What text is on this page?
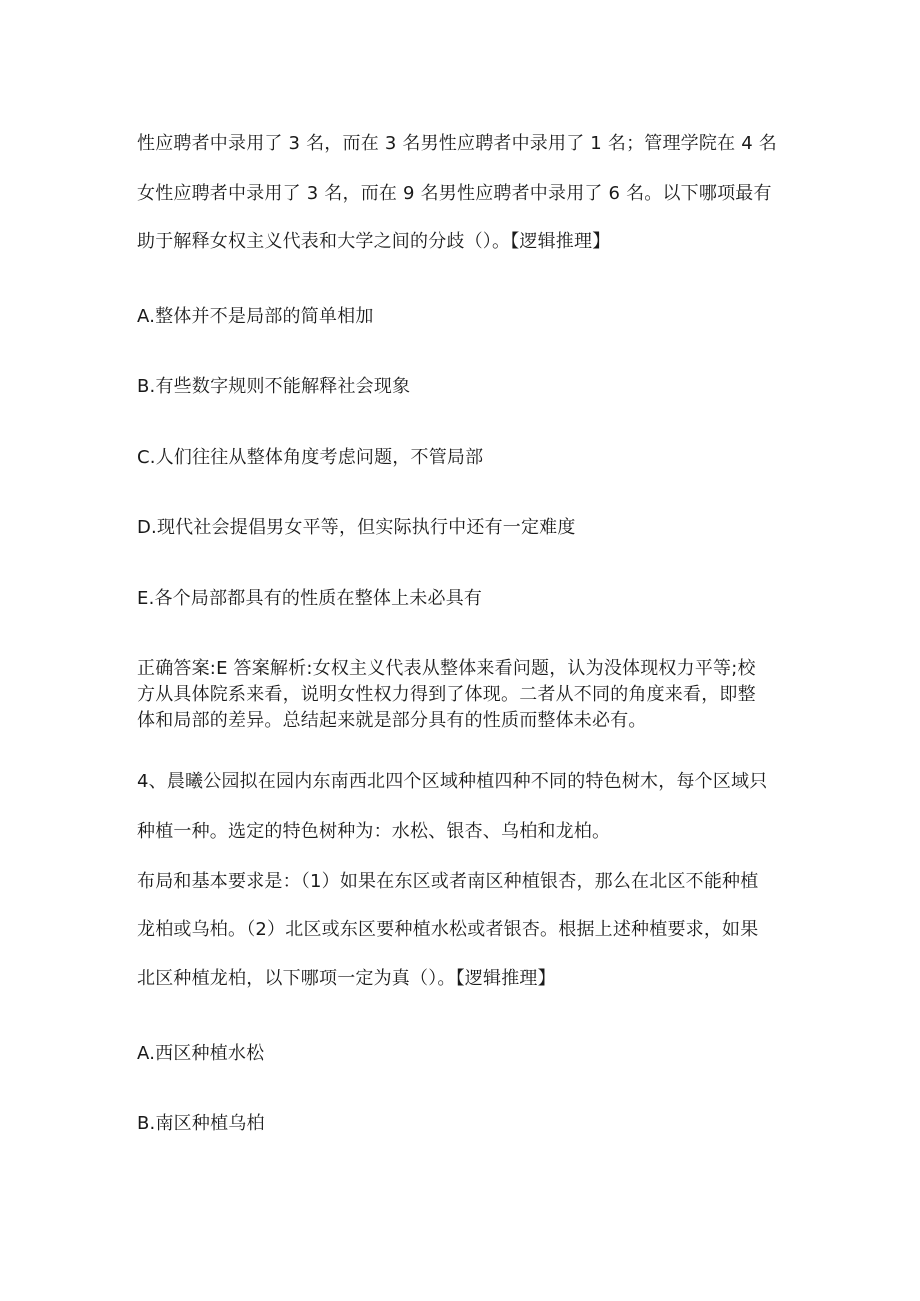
性应聘者中录用了 3 名，而在 3 名男性应聘者中录用了 1 名；管理学院在 4 名
女性应聘者中录用了 3 名，而在 9 名男性应聘者中录用了 6 名。以下哪项最有
助于解释女权主义代表和大学之间的分歧（）。【逻辑推理】
A.整体并不是局部的简单相加
B.有些数字规则不能解释社会现象
C.人们往往从整体角度考虑问题，不管局部
D.现代社会提倡男女平等，但实际执行中还有一定难度
E.各个局部都具有的性质在整体上未必具有
正确答案:E 答案解析:女权主义代表从整体来看问题，认为没体现权力平等;校
方从具体院系来看，说明女性权力得到了体现。二者从不同的角度来看，即整
体和局部的差异。总结起来就是部分具有的性质而整体未必有。
4、晨曦公园拟在园内东南西北四个区域种植四种不同的特色树木，每个区域只
种植一种。选定的特色树种为：水松、银杏、乌柏和龙柏。
布局和基本要求是：（1）如果在东区或者南区种植银杏，那么在北区不能种植
龙柏或乌柏。（2）北区或东区要种植水松或者银杏。根据上述种植要求，如果
北区种植龙柏，以下哪项一定为真（）。【逻辑推理】
A.西区种植水松
B.南区种植乌柏
